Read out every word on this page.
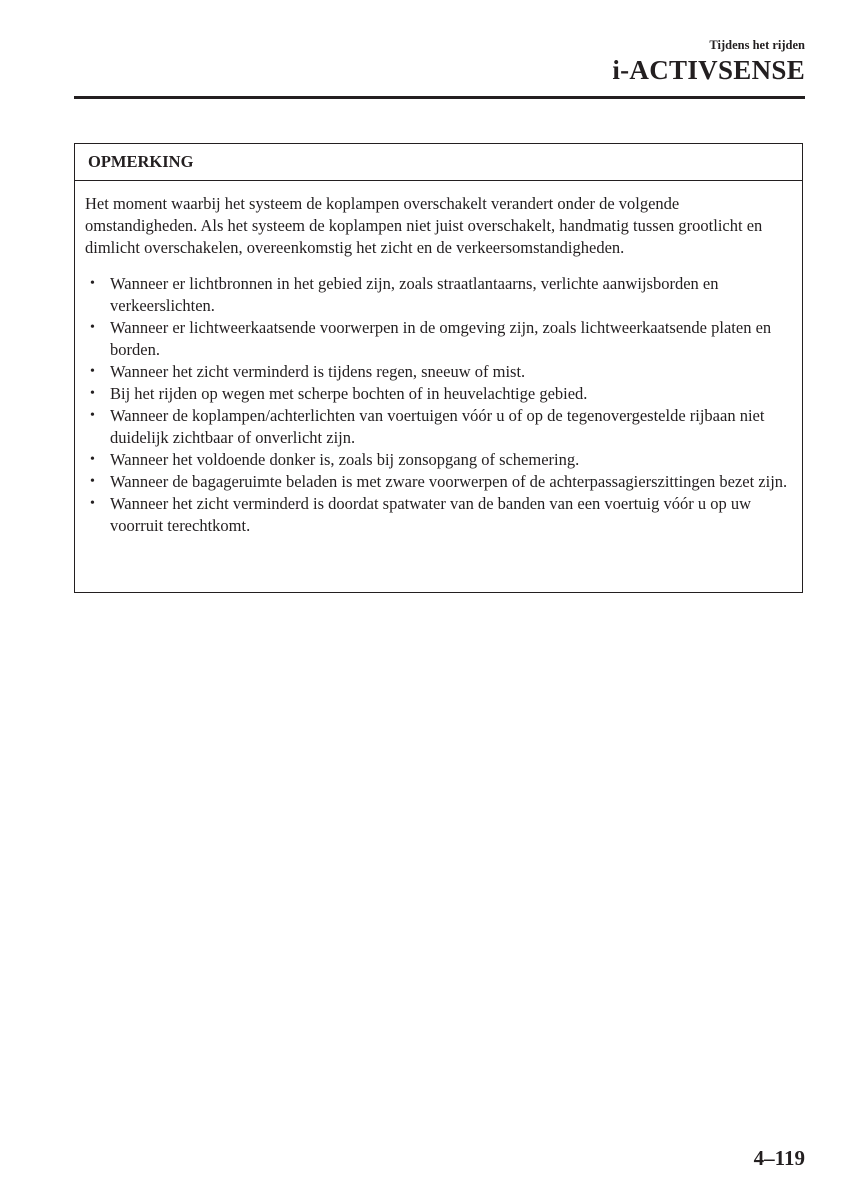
Tijdens het rijden
i-ACTIVSENSE
OPMERKING

Het moment waarbij het systeem de koplampen overschakelt verandert onder de volgende omstandigheden. Als het systeem de koplampen niet juist overschakelt, handmatig tussen grootlicht en dimlicht overschakelen, overeenkomstig het zicht en de verkeersomstandigheden.

• Wanneer er lichtbronnen in het gebied zijn, zoals straatlantaarns, verlichte aanwijsborden en verkeerslichten.
• Wanneer er lichtweerkaatsende voorwerpen in de omgeving zijn, zoals lichtweerkaatsende platen en borden.
• Wanneer het zicht verminderd is tijdens regen, sneeuw of mist.
• Bij het rijden op wegen met scherpe bochten of in heuvelachtige gebied.
• Wanneer de koplampen/achterlichten van voertuigen vóór u of op de tegenovergestelde rijbaan niet duidelijk zichtbaar of onverlicht zijn.
• Wanneer het voldoende donker is, zoals bij zonsopgang of schemering.
• Wanneer de bagageruimte beladen is met zware voorwerpen of de achterpassagierszittingen bezet zijn.
• Wanneer het zicht verminderd is doordat spatwater van de banden van een voertuig vóór u op uw voorruit terechtkomt.
4–119
